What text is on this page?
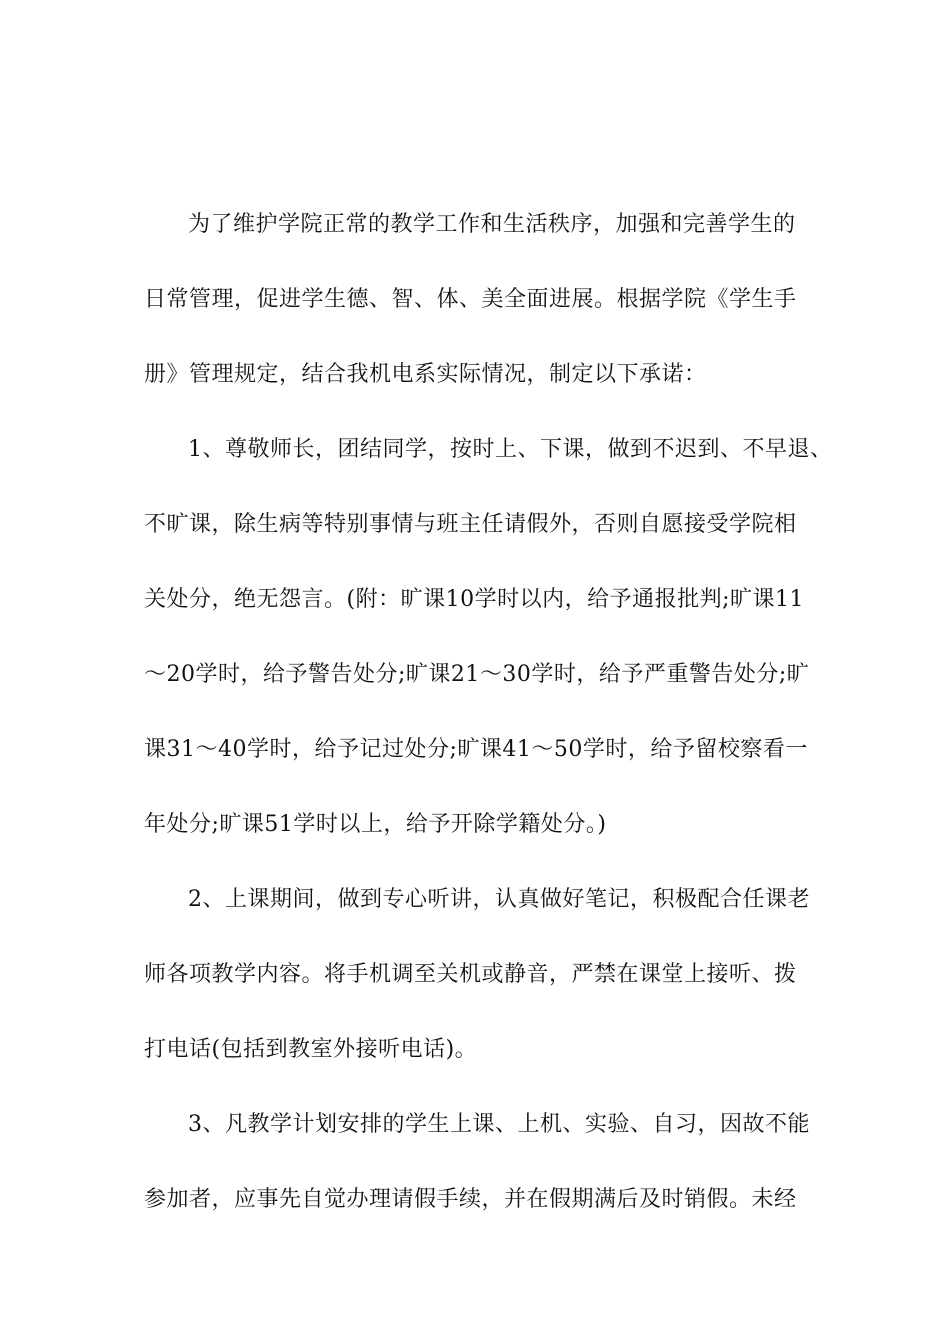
为了维护学院正常的教学工作和生活秩序，加强和完善学生的
日常管理，促进学生德、智、体、美全面进展。根据学院《学生手
册》管理规定，结合我机电系实际情况，制定以下承诺：
1、尊敬师长，团结同学，按时上、下课，做到不迟到、不早退、
不旷课，除生病等特别事情与班主任请假外，否则自愿接受学院相
关处分，绝无怨言。(附：旷课10学时以内，给予通报批判;旷课11
～20学时，给予警告处分;旷课21～30学时，给予严重警告处分;旷
课31～40学时，给予记过处分;旷课41～50学时，给予留校察看一
年处分;旷课51学时以上，给予开除学籍处分。)
2、上课期间，做到专心听讲，认真做好笔记，积极配合任课老
师各项教学内容。将手机调至关机或静音，严禁在课堂上接听、拨
打电话(包括到教室外接听电话)。
3、凡教学计划安排的学生上课、上机、实验、自习，因故不能
参加者，应事先自觉办理请假手续，并在假期满后及时销假。未经
